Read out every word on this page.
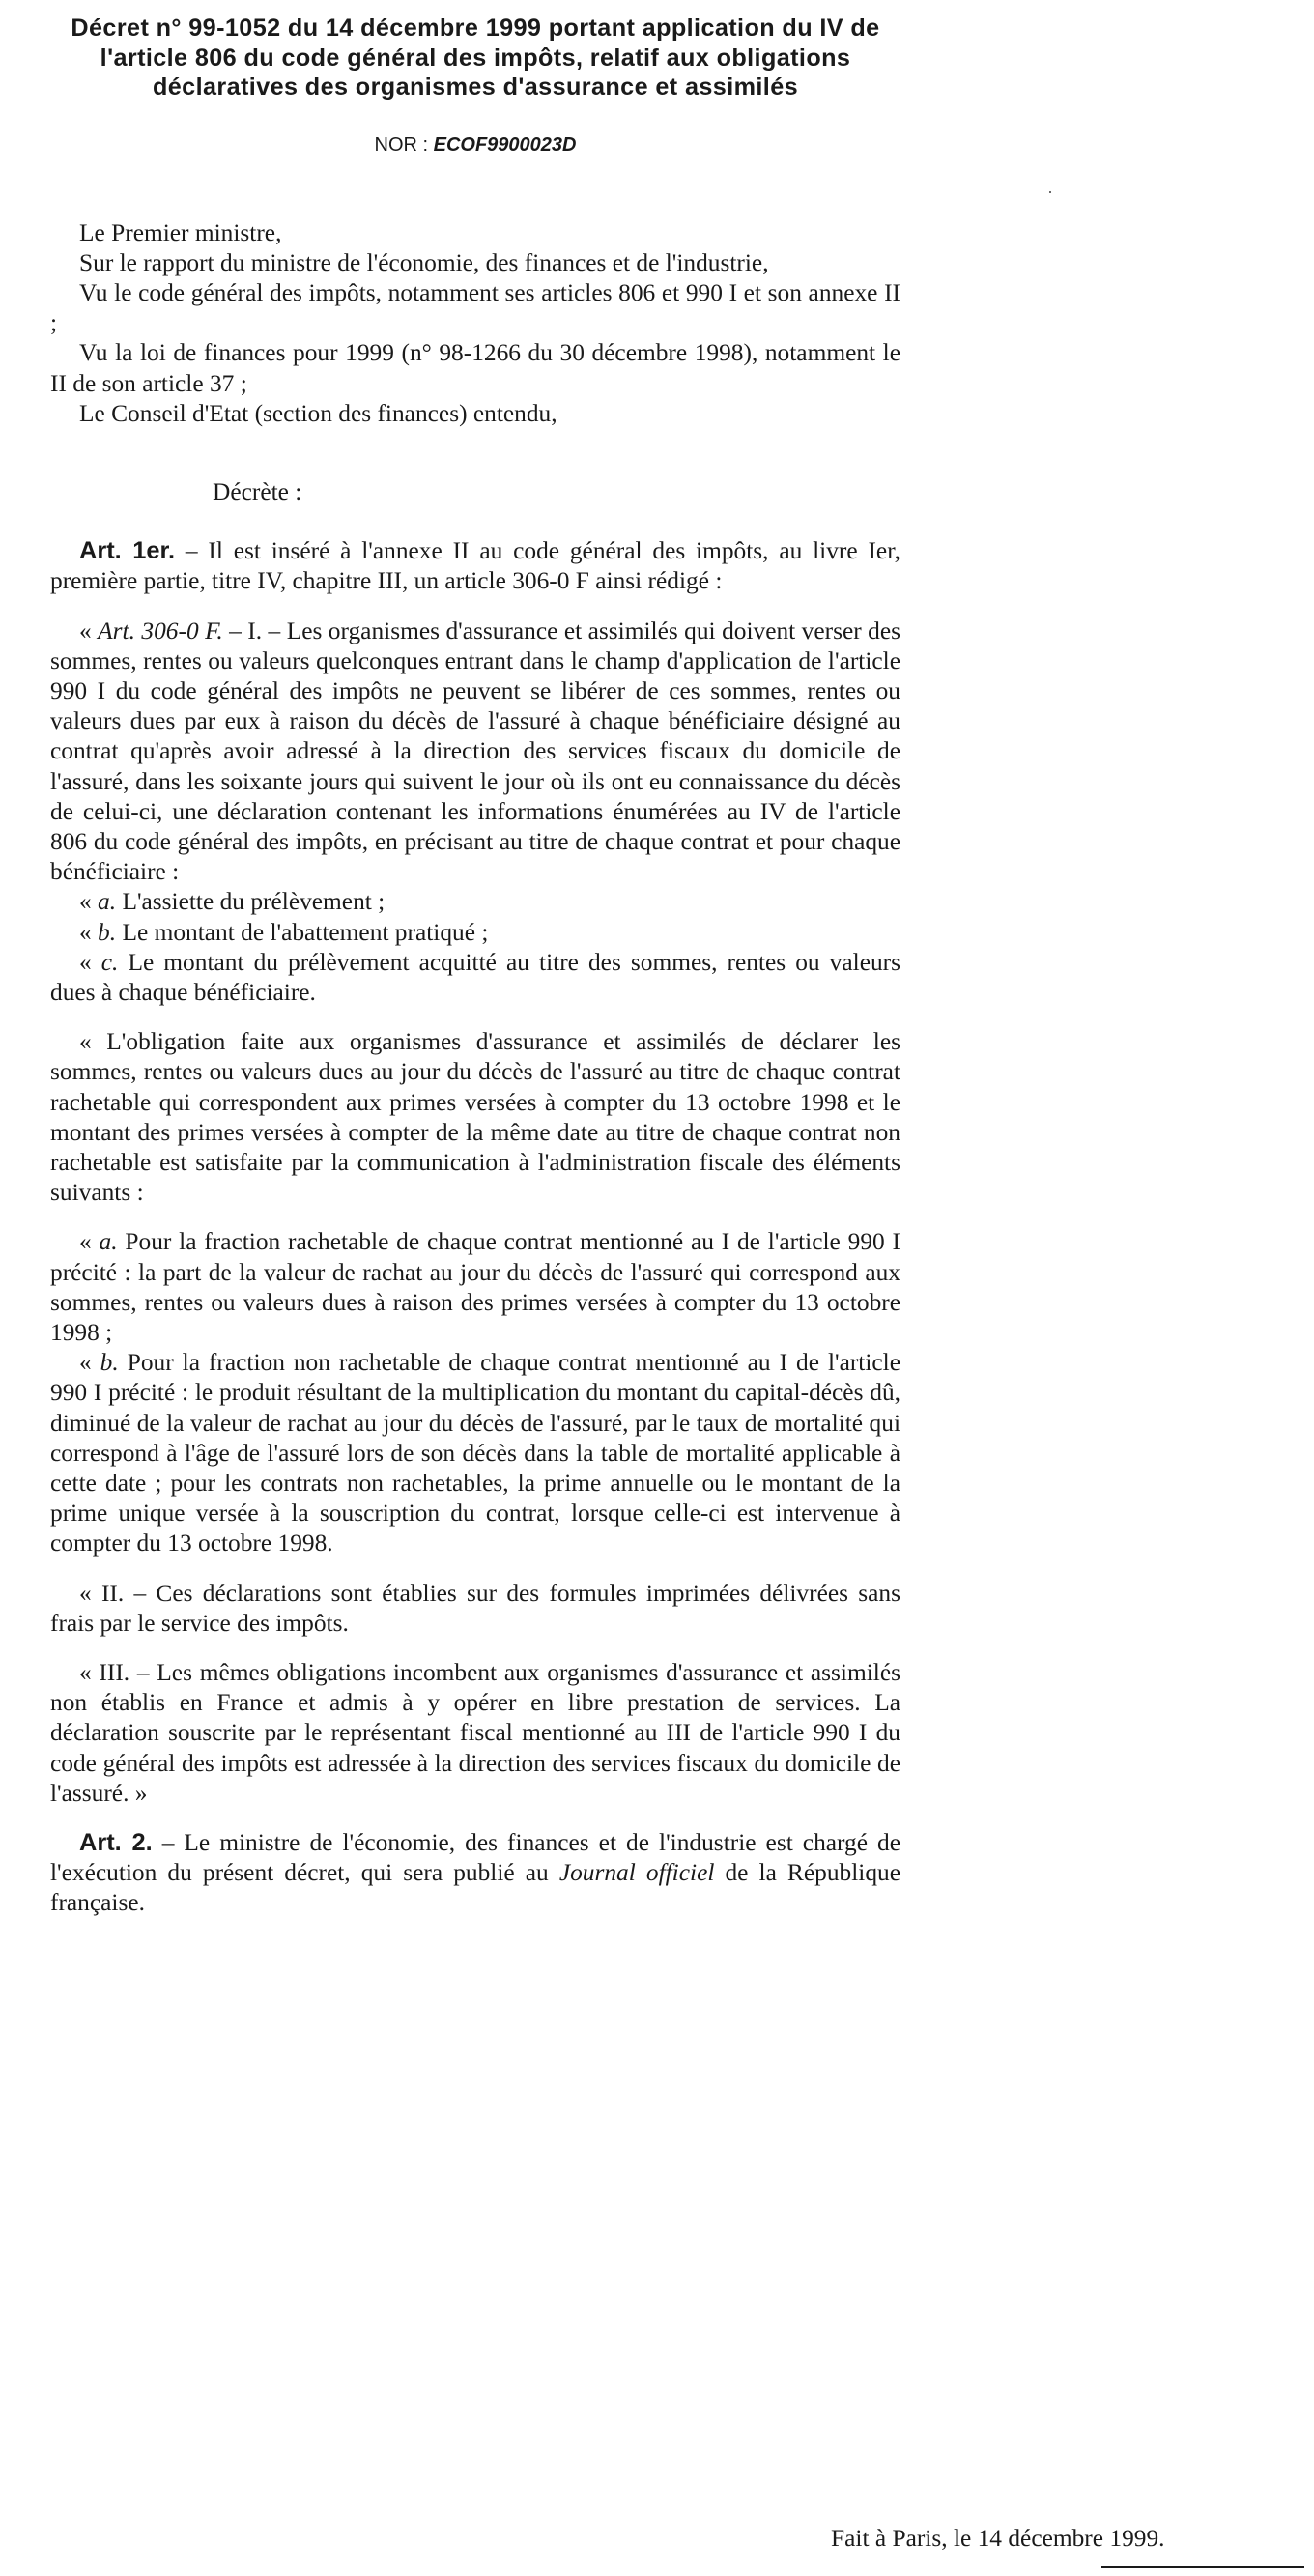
Décret n° 99-1052 du 14 décembre 1999 portant application du IV de l'article 806 du code général des impôts, relatif aux obligations déclaratives des organismes d'assurance et assimilés
NOR : ECOF9900023D

Le Premier ministre,

Sur le rapport du ministre de l'économie, des finances et de l'industrie,

Vu le code général des impôts, notamment ses articles 806 et 990 I et son annexe II ;

Vu la loi de finances pour 1999 (n° 98-1266 du 30 décembre 1998), notamment le II de son article 37 ;

Le Conseil d'Etat (section des finances) entendu,

Décrète :

Art. 1er. – Il est inséré à l'annexe II au code général des impôts, au livre Ier, première partie, titre IV, chapitre III, un article 306-0 F ainsi rédigé :

« Art. 306-0 F. – I. – Les organismes d'assurance et assimilés qui doivent verser des sommes, rentes ou valeurs quelconques entrant dans le champ d'application de l'article 990 I du code général des impôts ne peuvent se libérer de ces sommes, rentes ou valeurs dues par eux à raison du décès de l'assuré à chaque bénéficiaire désigné au contrat qu'après avoir adressé à la direction des services fiscaux du domicile de l'assuré, dans les soixante jours qui suivent le jour où ils ont eu connaissance du décès de celui-ci, une déclaration contenant les informations énumérées au IV de l'article 806 du code général des impôts, en précisant au titre de chaque contrat et pour chaque bénéficiaire :

« a. L'assiette du prélèvement ;

« b. Le montant de l'abattement pratiqué ;

« c. Le montant du prélèvement acquitté au titre des sommes, rentes ou valeurs dues à chaque bénéficiaire.

« L'obligation faite aux organismes d'assurance et assimilés de déclarer les sommes, rentes ou valeurs dues au jour du décès de l'assuré au titre de chaque contrat rachetable qui correspondent aux primes versées à compter du 13 octobre 1998 et le montant des primes versées à compter de la même date au titre de chaque contrat non rachetable est satisfaite par la communication à l'administration fiscale des éléments suivants :

« a. Pour la fraction rachetable de chaque contrat mentionné au I de l'article 990 I précité : la part de la valeur de rachat au jour du décès de l'assuré qui correspond aux sommes, rentes ou valeurs dues à raison des primes versées à compter du 13 octobre 1998 ;

« b. Pour la fraction non rachetable de chaque contrat mentionné au I de l'article 990 I précité : le produit résultant de la multiplication du montant du capital-décès dû, diminué de la valeur de rachat au jour du décès de l'assuré, par le taux de mortalité qui correspond à l'âge de l'assuré lors de son décès dans la table de mortalité applicable à cette date ; pour les contrats non rachetables, la prime annuelle ou le montant de la prime unique versée à la souscription du contrat, lorsque celle-ci est intervenue à compter du 13 octobre 1998.

« II. – Ces déclarations sont établies sur des formules imprimées délivrées sans frais par le service des impôts.

« III. – Les mêmes obligations incombent aux organismes d'assurance et assimilés non établis en France et admis à y opérer en libre prestation de services. La déclaration souscrite par le représentant fiscal mentionné au III de l'article 990 I du code général des impôts est adressée à la direction des services fiscaux du domicile de l'assuré. »

Art. 2. – Le ministre de l'économie, des finances et de l'industrie est chargé de l'exécution du présent décret, qui sera publié au Journal officiel de la République française.

Fait à Paris, le 14 décembre 1999.
